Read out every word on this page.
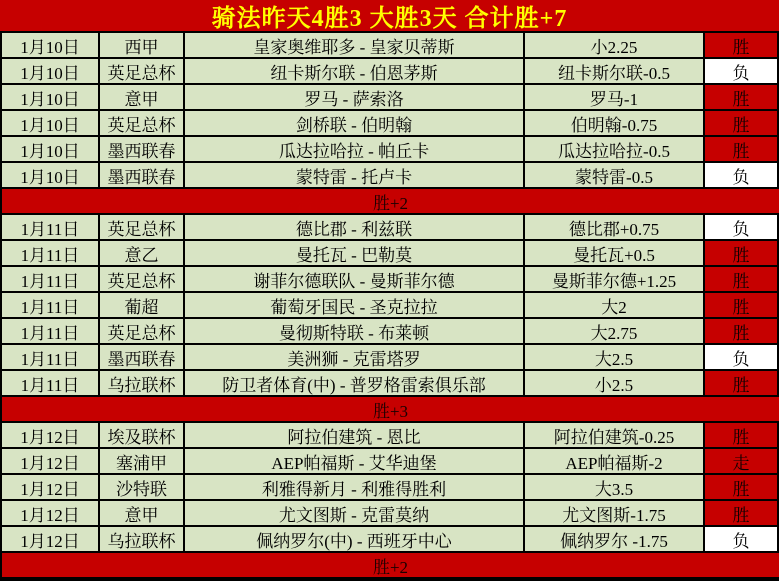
骑法昨天4胜3 大胜3天 合计胜+7
1月10日	西甲	皇家奥维耶多 - 皇家贝蒂斯	小2.25	胜
1月10日	英足总杯	纽卡斯尔联 - 伯恩茅斯	纽卡斯尔联-0.5	负
1月10日	意甲	罗马 - 萨索洛	罗马-1	胜
1月10日	英足总杯	剑桥联 - 伯明翰	伯明翰-0.75	胜
1月10日	墨西联春	瓜达拉哈拉 - 帕丘卡	瓜达拉哈拉-0.5	胜
1月10日	墨西联春	蒙特雷 - 托卢卡	蒙特雷-0.5	负
胜+2
1月11日	英足总杯	德比郡 - 利兹联	德比郡+0.75	负
1月11日	意乙	曼托瓦 - 巴勒莫	曼托瓦+0.5	胜
1月11日	英足总杯	谢菲尔德联队 - 曼斯菲尔德	曼斯菲尔德+1.25	胜
1月11日	葡超	葡萄牙国民 - 圣克拉拉	大2	胜
1月11日	英足总杯	曼彻斯特联 - 布莱顿	大2.75	胜
1月11日	墨西联春	美洲狮 - 克雷塔罗	大2.5	负
1月11日	乌拉联杯	防卫者体育(中) - 普罗格雷索俱乐部	小2.5	胜
胜+3
1月12日	埃及联杯	阿拉伯建筑 - 恩比	阿拉伯建筑-0.25	胜
1月12日	塞浦甲	AEP帕福斯 - 艾华迪堡	AEP帕福斯-2	走
1月12日	沙特联	利雅得新月 - 利雅得胜利	大3.5	胜
1月12日	意甲	尤文图斯 - 克雷莫纳	尤文图斯-1.75	胜
1月12日	乌拉联杯	佩纳罗尔(中) - 西班牙中心	佩纳罗尔 -1.75	负
胜+2
